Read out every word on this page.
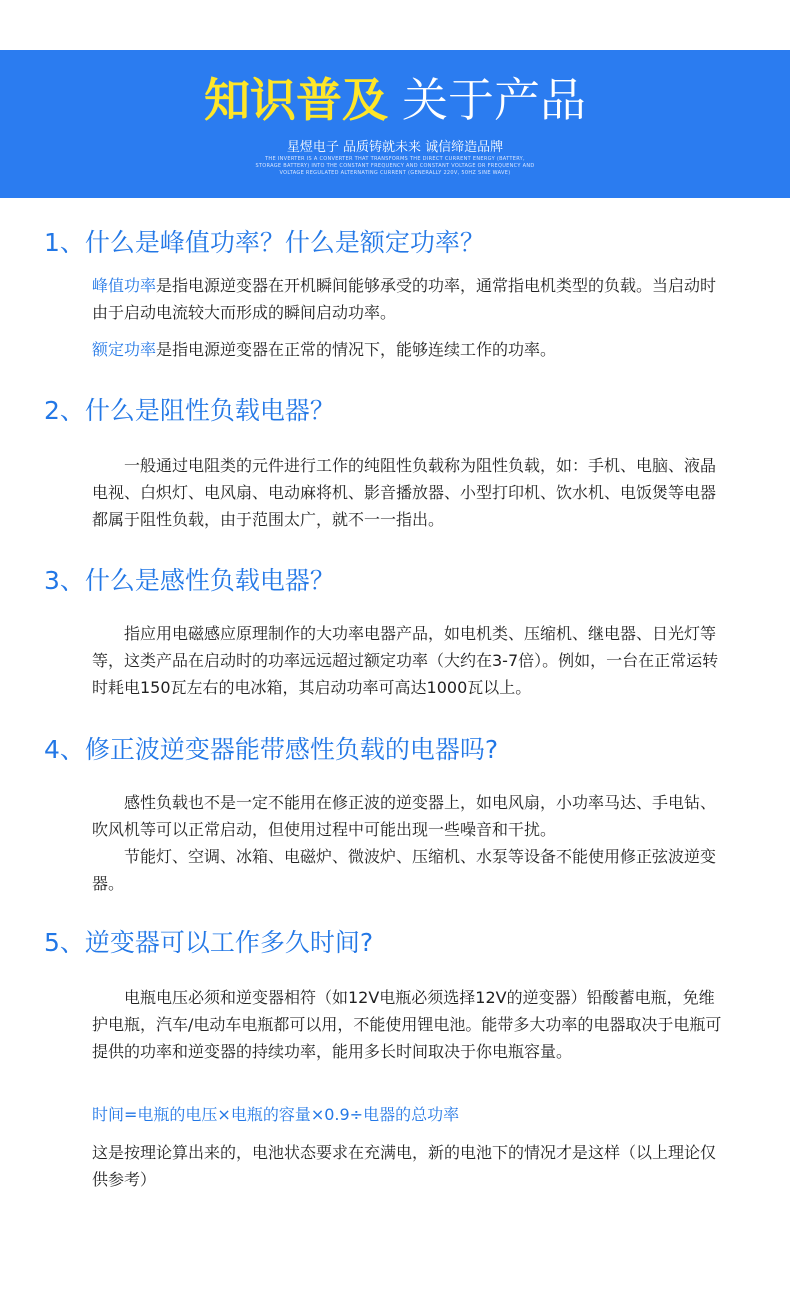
知识普及 关于产品
星煜电子 品质铸就未来 诚信缔造品牌
THE INVERTER IS A CONVERTER THAT TRANSFORMS THE DIRECT CURRENT ENERGY (BATTERY, STORAGE BATTERY) INTO THE CONSTANT FREQUENCY AND CONSTANT VOLTAGE OR FREQUENCY AND VOLTAGE REGULATED ALTERNATING CURRENT (GENERALLY 220V, 50HZ SINE WAVE)
1、什么是峰值功率？什么是额定功率？

峰值功率是指电源逆变器在开机瞬间能够承受的功率，通常指电机类型的负载。当启动时由于启动电流较大而形成的瞬间启动功率。

额定功率是指电源逆变器在正常的情况下，能够连续工作的功率。

2、什么是阻性负载电器？

一般通过电阻类的元件进行工作的纯阻性负载称为阻性负载，如：手机、电脑、液晶电视、白炽灯、电风扇、电动麻将机、影音播放器、小型打印机、饮水机、电饭煲等电器都属于阻性负载，由于范围太广，就不一一指出。

3、什么是感性负载电器？

指应用电磁感应原理制作的大功率电器产品，如电机类、压缩机、继电器、日光灯等等，这类产品在启动时的功率远远超过额定功率（大约在3-7倍）。例如，一台在正常运转时耗电150瓦左右的电冰箱，其启动功率可高达1000瓦以上。

4、修正波逆变器能带感性负载的电器吗?

感性负载也不是一定不能用在修正波的逆变器上，如电风扇，小功率马达、手电钻、吹风机等可以正常启动，但使用过程中可能出现一些噪音和干扰。

节能灯、空调、冰箱、电磁炉、微波炉、压缩机、水泵等设备不能使用修正弦波逆变器。

5、逆变器可以工作多久时间?

电瓶电压必须和逆变器相符（如12V电瓶必须选择12V的逆变器）铅酸蓄电瓶，免维护电瓶，汽车/电动车电瓶都可以用，不能使用锂电池。能带多大功率的电器取决于电瓶可提供的功率和逆变器的持续功率，能用多长时间取决于你电瓶容量。

时间=电瓶的电压×电瓶的容量×0.9÷电器的总功率

这是按理论算出来的，电池状态要求在充满电，新的电池下的情况才是这样（以上理论仅供参考）
